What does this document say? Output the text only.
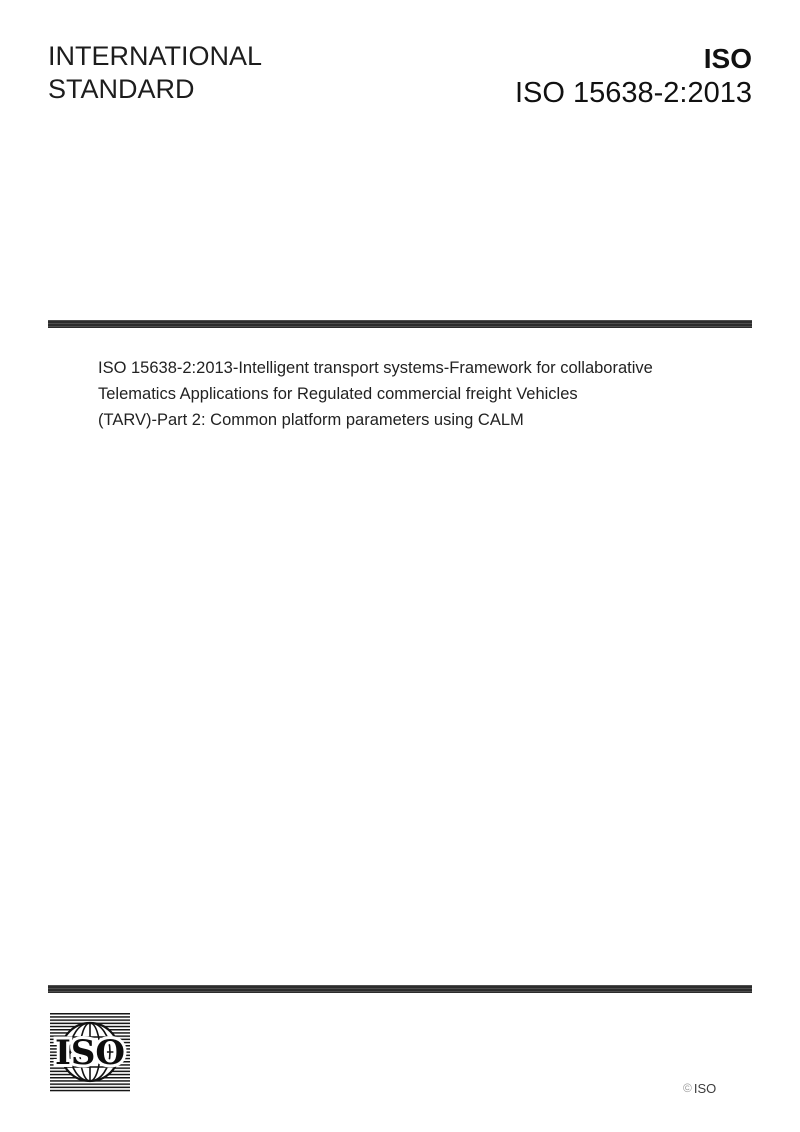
INTERNATIONAL
STANDARD
ISO
ISO 15638-2:2013
ISO 15638-2:2013-Intelligent transport systems-Framework for collaborative
Telematics Applications for Regulated commercial freight Vehicles
(TARV)-Part 2: Common platform parameters using CALM
ISO
© ISO
